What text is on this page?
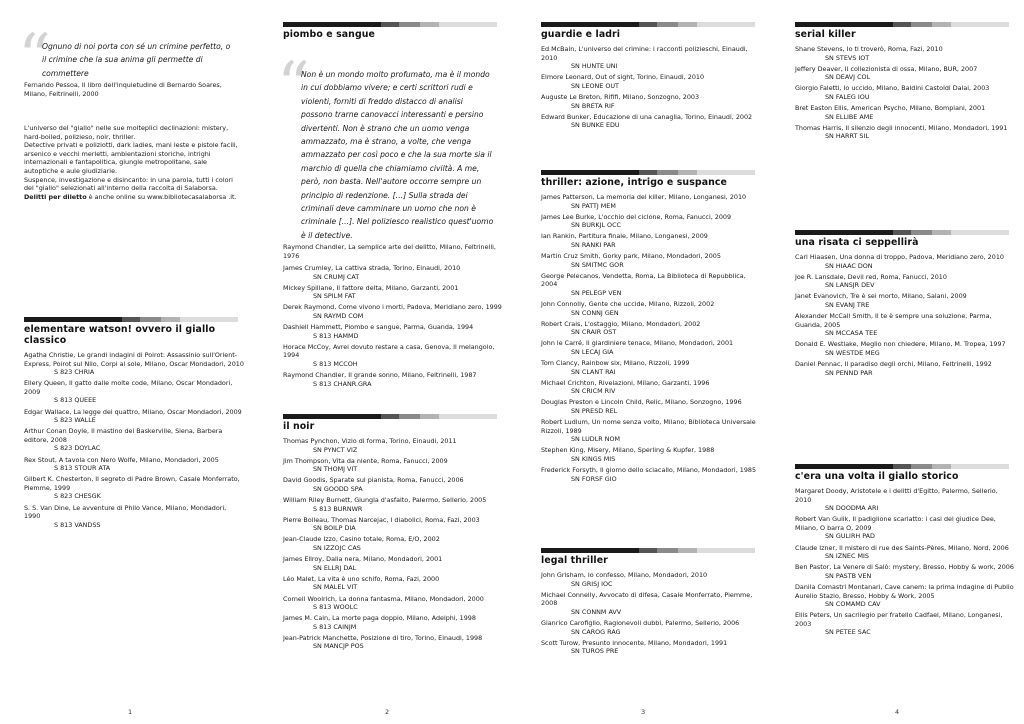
“
Ognuno di noi porta con sé un crimine perfetto, o il crimine che la sua anima gli permette di commettere
Fernando Pessoa, Il libro dell'inquietudine di Bernardo Soares, Milano, Feltrinelli, 2000

L'universo del "giallo" nelle sue molteplici declinazioni: mistery, hard-boiled, polizieso, noir, thriller.

Detective privati e poliziotti, dark ladies, mani leste e pistole facili, arsenico e vecchi merletti, ambientazioni storiche, intrighi internazionali e fantapolitica, giungle metropolitane, sale autoptiche e aule giudiziarie.

Suspence, investigazione e disincanto: in una parola, tutti i colori del "giallo" selezionati all'interno della raccolta di Salaborsa.

Delitti per diletto è anche online su www.bibliotecasalaborsa .it.

elementare watson! ovvero il giallo classico
Agatha Christie, Le grandi indagini di Poirot: Assassinio sull'Orient-Express, Poirot sul Nilo, Corpi al sole, Milano, Oscar Mondadori, 2010
S 823 CHRIA
Ellery Queen, Il gatto dalle molte code, Milano, Oscar Mondadori, 2009
S 813 QUEEE
Edgar Wallace, La legge dei quattro, Milano, Oscar Mondadori, 2009
S 823 WALLE
Arthur Conan Doyle, Il mastino dei Baskerville, Siena, Barbera editore, 2008
S 823 DOYLAC
Rex Stout, A tavola con Nero Wolfe, Milano, Mondadori, 2005
S 813 STOUR ATA
Gilbert K. Chesterton, Il segreto di Padre Brown, Casale Monferrato, Piemme, 1999
S 823 CHESGK
S. S. Van Dine, Le avventure di Philo Vance, Milano, Mondadori, 1990
S 813 VANDSS
1
piombo e sangue
“
Non è un mondo molto profumato, ma è il mondo in cui dobbiamo vivere; e certi scrittori rudi e violenti, forniti di freddo distacco di analisi possono trarne canovacci interessanti e persino divertenti. Non è strano che un uomo venga ammazzato, ma è strano, a volte, che venga ammazzato per così poco e che la sua morte sia il marchio di quella che chiamiamo civiltà. A me, però, non basta. Nell'autore occorre sempre un principio di redenzione. […] Sulla strada dei criminali deve camminare un uomo che non è criminale […]. Nel poliziesco realistico quest'uomo è il detective.
Raymond Chandler, La semplice arte del delitto, Milano, Feltrinelli, 1976
James Crumley, La cattiva strada, Torino, Einaudi, 2010
SN CRUMJ CAT
Mickey Spillane, Il fattore delta, Milano, Garzanti, 2001
SN SPILM FAT
Derek Raymond, Come vivono i morti, Padova, Meridiano zero, 1999
SN RAYMD COM
Dashiell Hammett, Piombo e sangue, Parma, Guanda, 1994
S 813 HAMMD
Horace McCoy, Avrei dovuto restare a casa, Genova, Il melangolo, 1994
S 813 MCCOH
Raymond Chandler, Il grande sonno, Milano, Feltrinelli, 1987
S 813 CHANR.GRA
il noir
Thomas Pynchon, Vizio di forma, Torino, Einaudi, 2011
SN PYNCT VIZ
Jim Thompson, Vita da niente, Roma, Fanucci, 2009
SN THOMJ VIT
David Goodis, Sparate sul pianista, Roma, Fanucci, 2006
SN GOODD SPA
William Riley Burnett, Giungla d'asfalto, Palermo, Sellerio, 2005
S 813 BURNWR
Pierre Boileau, Thomas Narcejac, I diabolici, Roma, Fazi, 2003
SN BOILP DIA
Jean-Claude Izzo, Casino totale, Roma, E/O, 2002
SN IZZOJC CAS
James Ellroy, Dalia nera, Milano, Mondadori, 2001
SN ELLRJ DAL
Léo Malet, La vita è uno schifo, Roma, Fazi, 2000
SN MALEL VIT
Cornell Woolrich, La donna fantasma, Milano, Mondadori, 2000
S 813 WOOLC
James M. Cain, La morte paga doppio, Milano, Adelphi, 1998
S 813 CAINJM
Jean-Patrick Manchette, Posizione di tiro, Torino, Einaudi, 1998
SN MANCJP POS
2
guardie e ladri
Ed McBain, L'universo del crimine: i racconti polizieschi, Einaudi, 2010
SN HUNTE UNI
Elmore Leonard, Out of sight, Torino, Einaudi, 2010
SN LEONE OUT
Auguste Le Breton, Rififi, Milano, Sonzogno, 2003
SN BRETA RIF
Edward Bunker, Educazione di una canaglia, Torino, Einaudi, 2002
SN BUNKE EDU
thriller: azione, intrigo e suspance
James Patterson, La memoria del killer, Milano, Longanesi, 2010
SN PATTJ MEM
James Lee Burke, L'occhio del ciclone, Roma, Fanucci, 2009
SN BURKJL OCC
Ian Rankin, Partitura finale, Milano, Longanesi, 2009
SN RANKI PAR
Martin Cruz Smith, Gorky park, Milano, Mondadori, 2005
SN SMITMC GOR
George Pelecanos, Vendetta, Roma, La Biblioteca di Repubblica, 2004
SN PELEGP VEN
John Connolly, Gente che uccide, Milano, Rizzoli, 2002
SN CONNJ GEN
Robert Crais, L'ostaggio, Milano, Mondadori, 2002
SN CRAIR OST
John le Carré, Il giardiniere tenace, Milano, Mondadori, 2001
SN LECAJ GIA
Tom Clancy, Rainbow six, Milano, Rizzoli, 1999
SN CLANT RAI
Michael Crichton, Rivelazioni, Milano, Garzanti, 1996
SN CRICM RIV
Douglas Preston e Lincoln Child, Relic, Milano, Sonzogno, 1996
SN PRESD REL
Robert Ludlum, Un nome senza volto, Milano, Biblioteca Universale Rizzoli, 1989
SN LUDLR NOM
Stephen King, Misery, Milano, Sperling & Kupfer, 1988
SN KINGS MIS
Frederick Forsyth, Il giorno dello sciacallo, Milano, Mondadori, 1985
SN FORSF GIO
legal thriller
John Grisham, Io confesso, Milano, Mondadori, 2010
SN GRISJ IOC
Michael Connelly, Avvocato di difesa, Casale Monferrato, Piemme, 2008
SN CONNM AVV
Gianrico Carofiglio, Ragionevoli dubbi, Palermo, Sellerio, 2006
SN CAROG RAG
Scott Turow, Presunto innocente, Milano, Mondadori, 1991
SN TUROS PRE
3
serial killer
Shane Stevens, Io ti troverò, Roma, Fazi, 2010
SN STEVS IOT
Jeffery Deaver, Il collezionista di ossa, Milano, BUR, 2007
SN DEAVJ COL
Giorgio Faletti, Io uccido, Milano, Baldini Castoldi Dalai, 2003
SN FALEG IOU
Bret Easton Ellis, American Psycho, Milano, Bompiani, 2001
SN ELLIBE AME
Thomas Harris, Il silenzio degli innocenti, Milano, Mondadori, 1991
SN HARRT SIL
una risata ci seppellirà
Carl Hiaasen, Una donna di troppo, Padova, Meridiano zero, 2010
SN HIAAC DON
Joe R. Lansdale, Devil red, Roma, Fanucci, 2010
SN LANSJR DEV
Janet Evanovich, Tre è sei morto, Milano, Salani, 2009
SN EVANJ TRE
Alexander McCall Smith, Il te è sempre una soluzione, Parma, Guanda, 2005
SN MCCASA TEE
Donald E. Westlake, Meglio non chiedere, Milano, M. Tropea, 1997
SN WESTDE MEG
Daniel Pennac, Il paradiso degli orchi, Milano, Feltrinelli, 1992
SN PENND PAR
c'era una volta il giallo storico
Margaret Doody, Aristotele e i delitti d'Egitto, Palermo, Sellerio, 2010
SN DOODMA ARI
Robert Van Gulik, Il padiglione scarlatto: i casi del giudice Dee, Milano, O barra O, 2009
SN GULIRH PAD
Claude Izner, Il mistero di rue des Saints-Pères, Milano, Nord, 2006
SN IZNEC MIS
Ben Pastor, La Venere di Salò: mystery, Bresso, Hobby & work, 2006
SN PASTB VEN
Danila Comastri Montanari, Cave canem: la prima indagine di Publio Aurelio Stazio, Bresso, Hobby & Work, 2005
SN COMAMD CAV
Ellis Peters, Un sacrilegio per fratello Cadfael, Milano, Longanesi, 2003
SN PETEE SAC
4
